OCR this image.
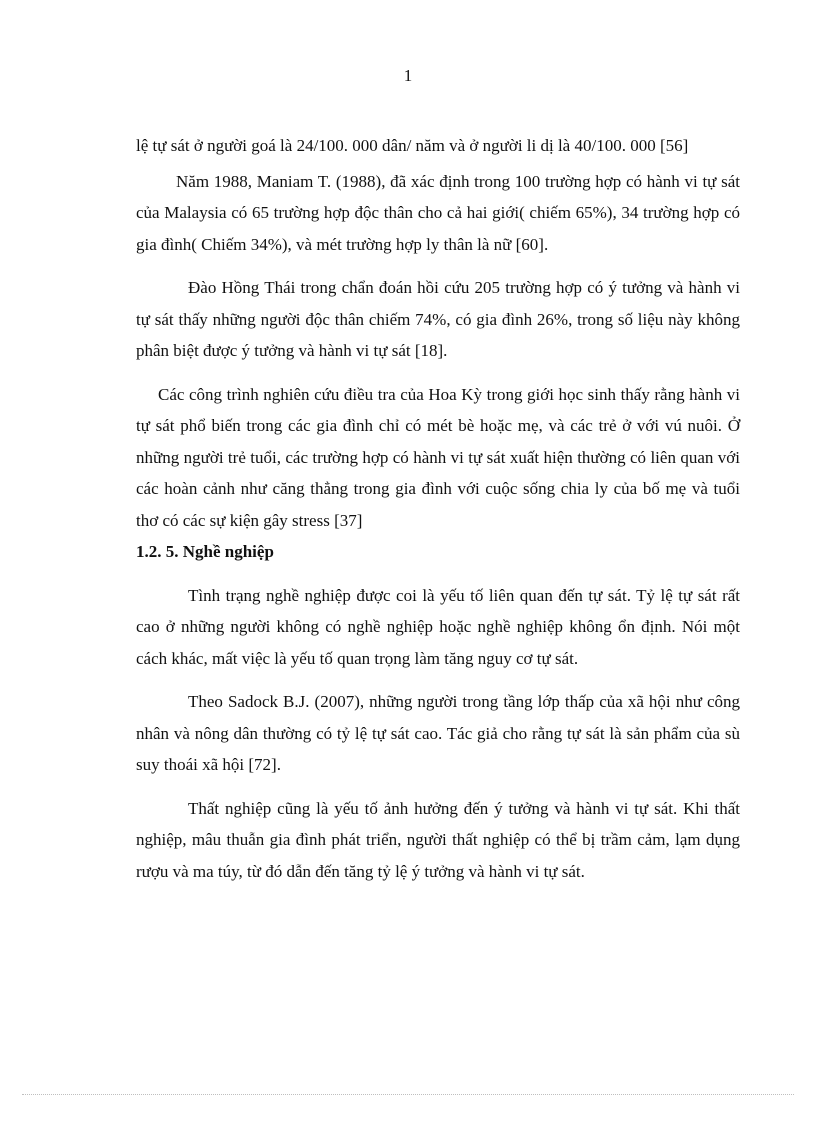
1

lệ tự sát ở người goá là 24/100. 000 dân/ năm và ở người li dị là 40/100. 000 [56]

Năm 1988, Maniam T. (1988), đã xác định trong 100 trường hợp có hành vi tự sát của Malaysia có 65 trường hợp độc thân cho cả hai giới( chiếm 65%), 34 trường hợp có gia đình( Chiếm 34%), và mét trường hợp ly thân là nữ [60].

Đào Hồng Thái trong chẩn đoán hồi cứu 205 trường hợp có ý tưởng và hành vi tự sát thấy những người độc thân chiếm 74%, có gia đình 26%, trong số liệu này không phân biệt được ý tưởng và hành vi tự sát [18].

Các công trình nghiên cứu điều tra của Hoa Kỳ trong giới học sinh thấy rằng hành vi tự sát phổ biến trong các gia đình chỉ có mét bè hoặc mẹ, và các trẻ ở với vú nuôi. Ở những người trẻ tuổi, các trường hợp có hành vi tự sát xuất hiện thường có liên quan với các hoàn cảnh như căng thẳng trong gia đình với cuộc sống chia ly của bố mẹ và tuổi thơ có các sự kiện gây stress [37]

1.2. 5. Nghề nghiệp

Tình trạng nghề nghiệp được coi là yếu tố liên quan đến tự sát. Tỷ lệ tự sát rất cao ở những người không có nghề nghiệp hoặc nghề nghiệp không ổn định. Nói một cách khác, mất việc là yếu tố quan trọng làm tăng nguy cơ tự sát.

Theo Sadock B.J. (2007), những người trong tầng lớp thấp của xã hội như công nhân và nông dân thường có tỷ lệ tự sát cao. Tác giả cho rằng tự sát là sản phẩm của sù suy thoái xã hội [72].

Thất nghiệp cũng là yếu tố ảnh hưởng đến ý tưởng và hành vi tự sát. Khi thất nghiệp, mâu thuẫn gia đình phát triển, người thất nghiệp có thể bị trầm cảm, lạm dụng rượu và ma túy, từ đó dẫn đến tăng tỷ lệ ý tưởng và hành vi tự sát.
